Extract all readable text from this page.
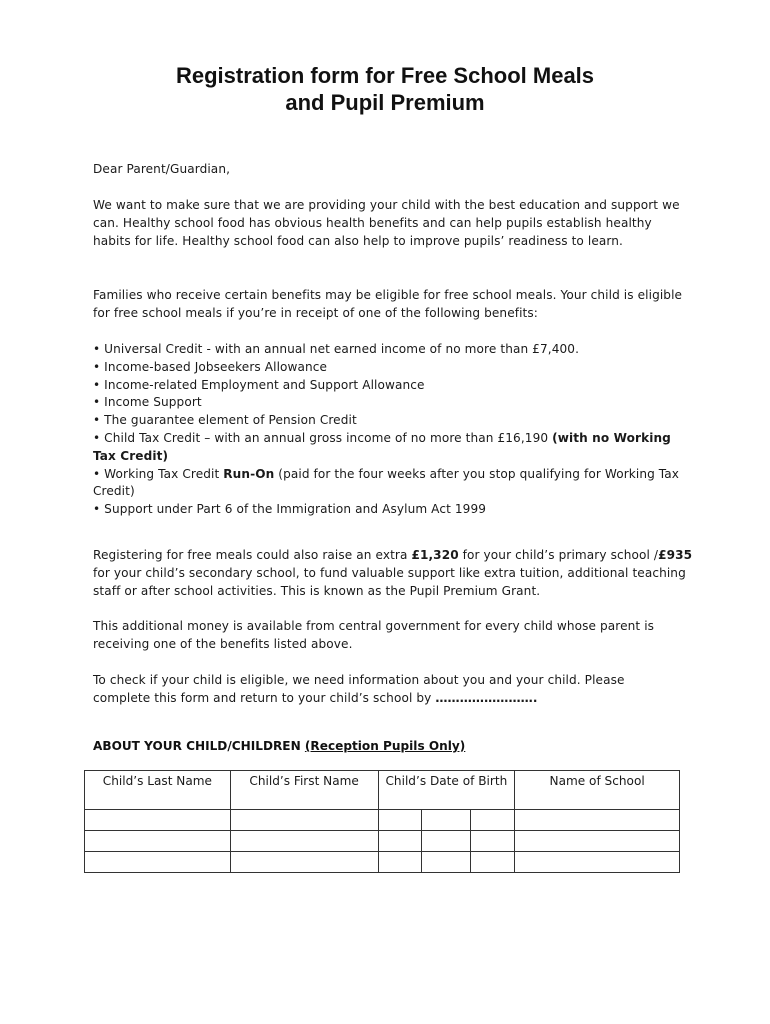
Registration form for Free School Meals
and Pupil Premium

Dear Parent/Guardian,

We want to make sure that we are providing your child with the best education and support we can. Healthy school food has obvious health benefits and can help pupils establish healthy habits for life. Healthy school food can also help to improve pupils’ readiness to learn.

Families who receive certain benefits may be eligible for free school meals. Your child is eligible for free school meals if you’re in receipt of one of the following benefits:

• Universal Credit - with an annual net earned income of no more than £7,400.
• Income-based Jobseekers Allowance
• Income-related Employment and Support Allowance
• Income Support
• The guarantee element of Pension Credit
• Child Tax Credit – with an annual gross income of no more than £16,190 (with no Working Tax Credit)
• Working Tax Credit Run-On (paid for the four weeks after you stop qualifying for Working Tax Credit)
• Support under Part 6 of the Immigration and Asylum Act 1999

Registering for free meals could also raise an extra £1,320 for your child’s primary school /£935 for your child’s secondary school, to fund valuable support like extra tuition, additional teaching staff or after school activities. This is known as the Pupil Premium Grant.

This additional money is available from central government for every child whose parent is receiving one of the benefits listed above.

To check if your child is eligible, we need information about you and your child. Please

complete this form and return to your child’s school by …………………….

ABOUT YOUR CHILD/CHILDREN (Reception Pupils Only)
Child’s Last Name	Child’s First Name	Child’s Date of Birth			Name of School
